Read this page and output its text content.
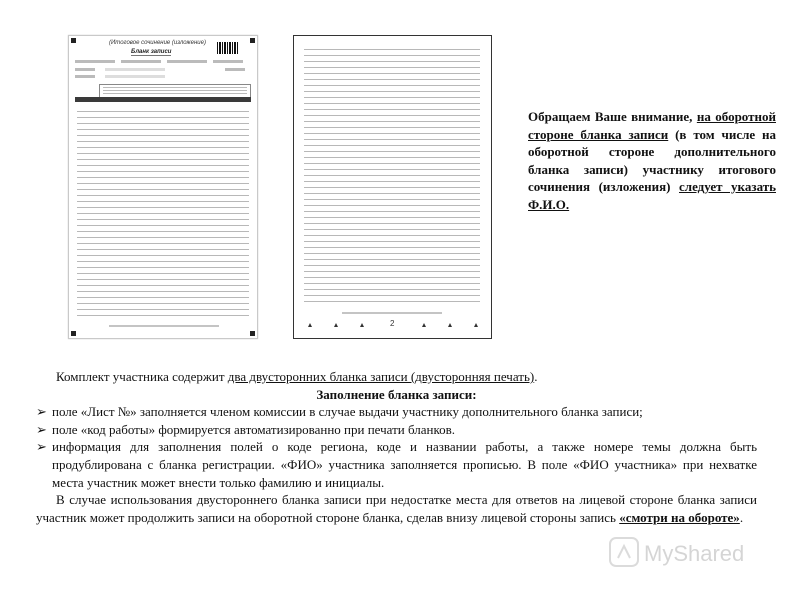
(Итоговое сочинение (изложение)
Бланк записи
2
Обращаем Ваше внимание, на оборотной стороне бланка записи (в том числе на оборотной стороне дополнительного бланка записи) участнику итогового сочинения (изложения) следует указать Ф.И.О.

Комплект участника содержит два двусторонних бланка записи (двусторонняя печать).

Заполнение бланка записи:

➢ поле «Лист №» заполняется членом комиссии в случае выдачи участнику дополнительного бланка записи;

➢ поле «код работы» формируется автоматизированно при печати бланков.

➢ информация для заполнения полей о коде региона, коде и названии работы, а также номере темы должна быть продублирована с бланка регистрации. «ФИО» участника заполняется прописью. В поле «ФИО участника» при нехватке места участник может внести только фамилию и инициалы.

В случае использования двустороннего бланка записи при недостатке места для ответов на лицевой стороне бланка записи участник может продолжить записи на оборотной стороне бланка, сделав внизу лицевой стороны запись «смотри на обороте».

MyShared
